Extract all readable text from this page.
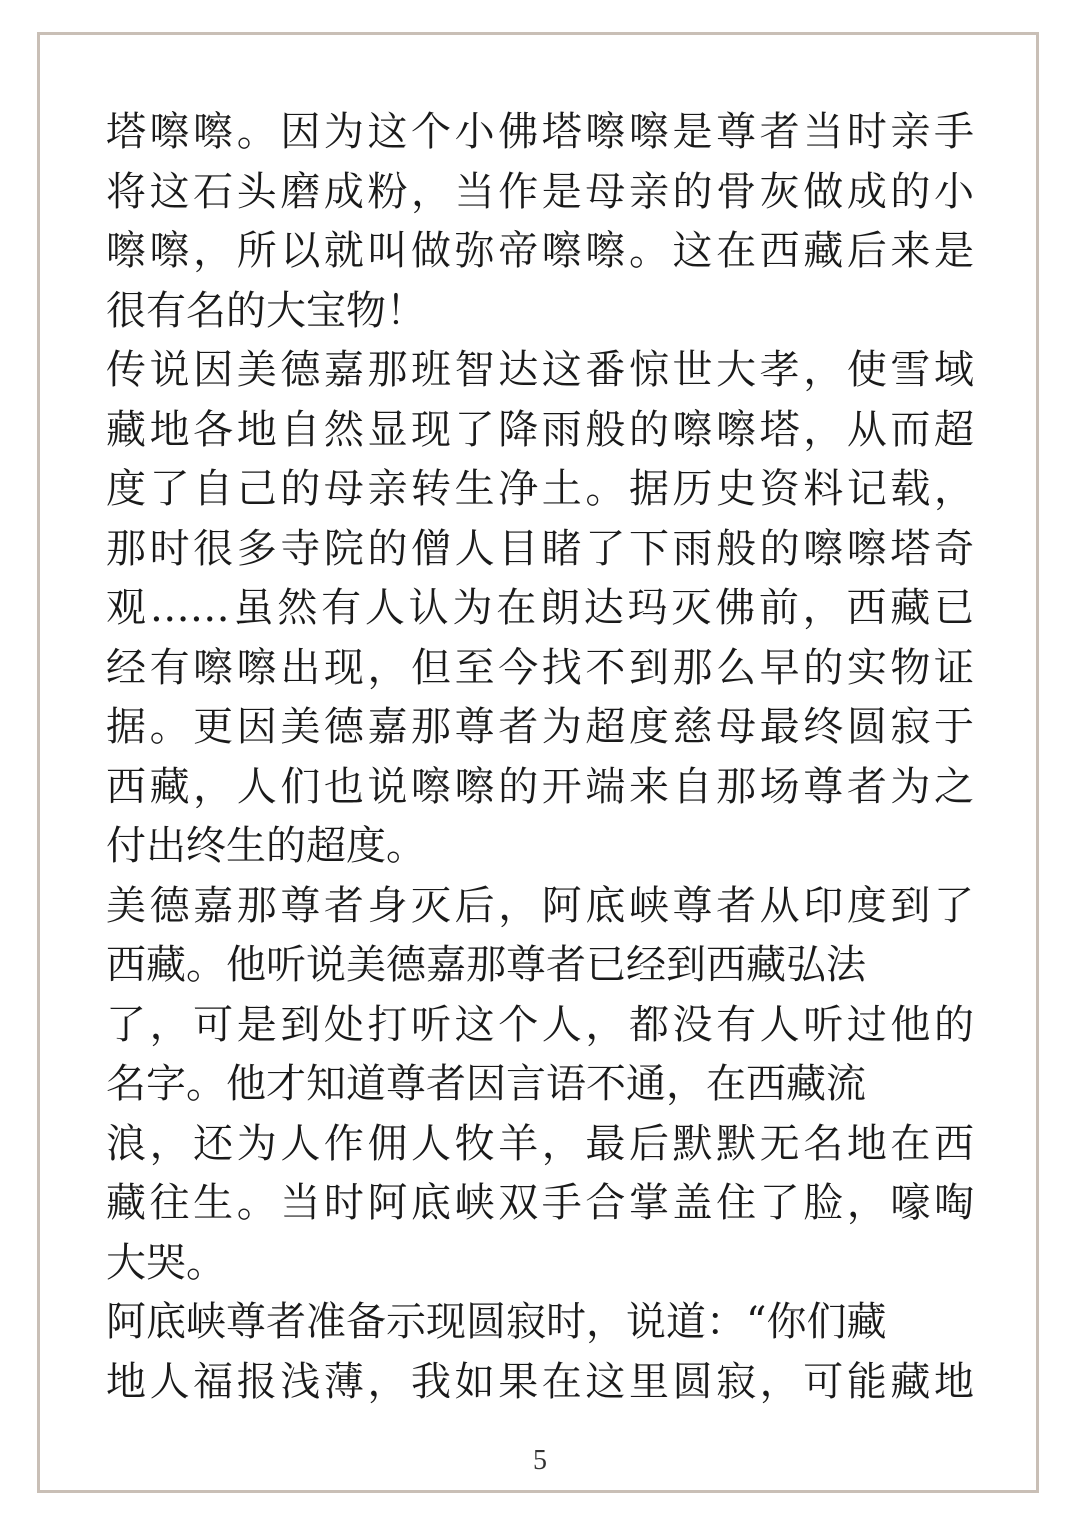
塔嚓嚓。因为这个小佛塔嚓嚓是尊者当时亲手
将这石头磨成粉，当作是母亲的骨灰做成的小
嚓嚓，所以就叫做弥帝嚓嚓。这在西藏后来是
很有名的大宝物！
传说因美德嘉那班智达这番惊世大孝，使雪域
藏地各地自然显现了降雨般的嚓嚓塔，从而超
度了自己的母亲转生净土。据历史资料记载，
那时很多寺院的僧人目睹了下雨般的嚓嚓塔奇
观……虽然有人认为在朗达玛灭佛前，西藏已
经有嚓嚓出现，但至今找不到那么早的实物证
据。更因美德嘉那尊者为超度慈母最终圆寂于
西藏，人们也说嚓嚓的开端来自那场尊者为之
付出终生的超度。
美德嘉那尊者身灭后，阿底峡尊者从印度到了
西藏。他听说美德嘉那尊者已经到西藏弘法
了，可是到处打听这个人，都没有人听过他的
名字。他才知道尊者因言语不通，在西藏流
浪，还为人作佣人牧羊，最后默默无名地在西
藏往生。当时阿底峡双手合掌盖住了脸，嚎啕
大哭。
阿底峡尊者准备示现圆寂时，说道：“你们藏
地人福报浅薄，我如果在这里圆寂，可能藏地
5
